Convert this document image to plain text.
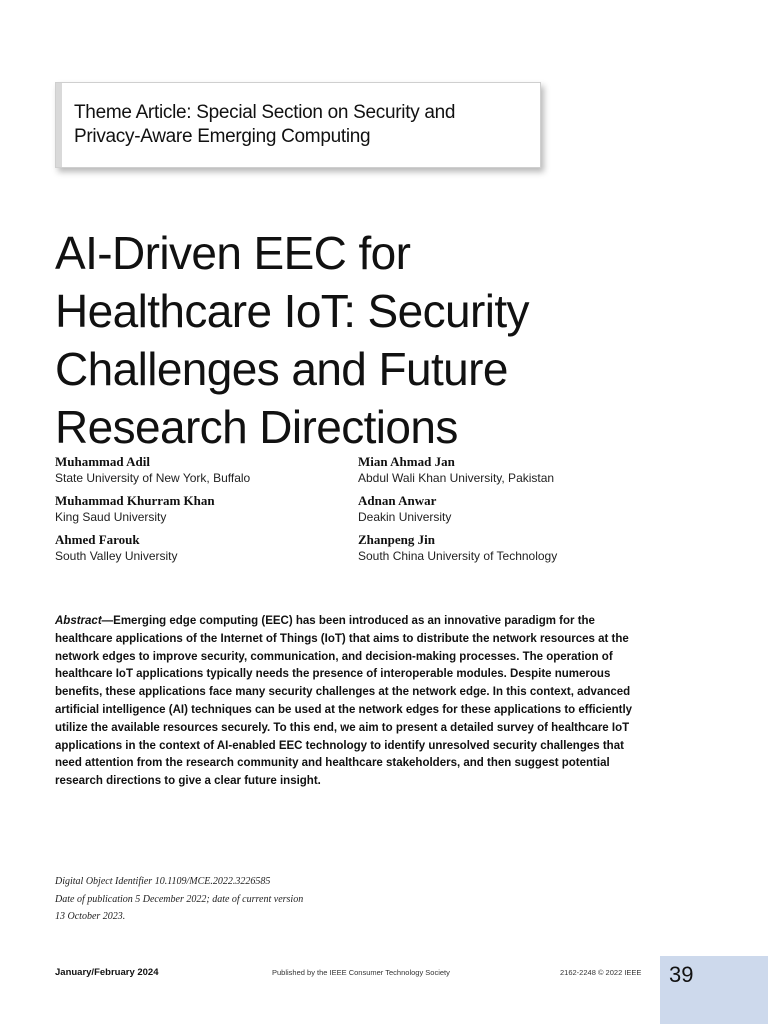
Theme Article: Special Section on Security and
Privacy-Aware Emerging Computing
AI-Driven EEC for
Healthcare IoT: Security
Challenges and Future
Research Directions
Muhammad Adil
State University of New York, Buffalo
Muhammad Khurram Khan
King Saud University
Ahmed Farouk
South Valley University
Mian Ahmad Jan
Abdul Wali Khan University, Pakistan
Adnan Anwar
Deakin University
Zhanpeng Jin
South China University of Technology

Abstract—Emerging edge computing (EEC) has been introduced as an innovative paradigm for the healthcare applications of the Internet of Things (IoT) that aims to distribute the network resources at the network edges to improve security, communication, and decision-making processes. The operation of healthcare IoT applications typically needs the presence of interoperable modules. Despite numerous benefits, these applications face many security challenges at the network edge. In this context, advanced artificial intelligence (AI) techniques can be used at the network edges for these applications to efficiently utilize the available resources securely. To this end, we aim to present a detailed survey of healthcare IoT applications in the context of AI-enabled EEC technology to identify unresolved security challenges that need attention from the research community and healthcare stakeholders, and then suggest potential research directions to give a clear future insight.

Digital Object Identifier 10.1109/MCE.2022.3226585
Date of publication 5 December 2022; date of current version
13 October 2023.
January/February 2024	Published by the IEEE Consumer Technology Society	2162-2248 © 2022 IEEE 39
